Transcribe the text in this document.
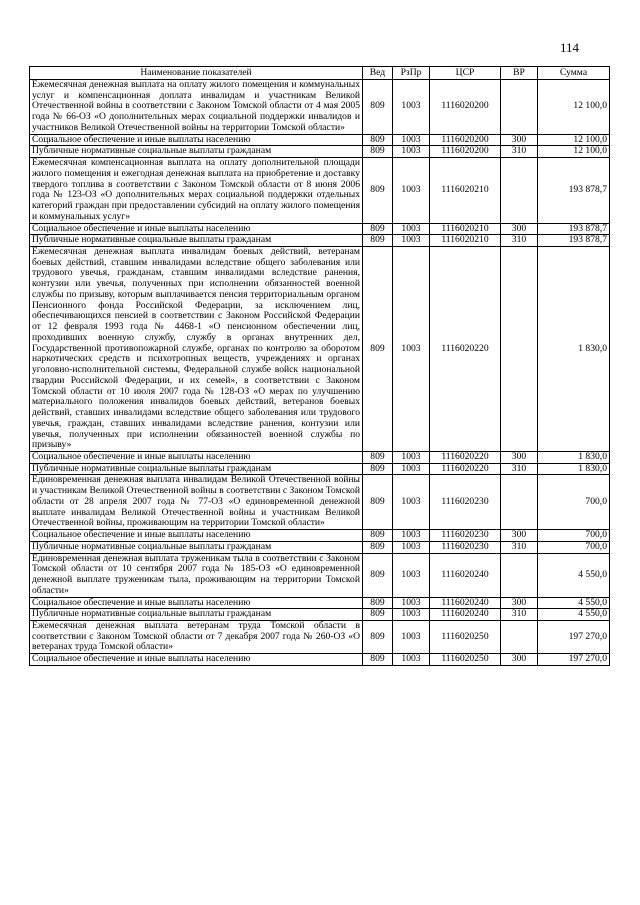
114
Наименование показателей	Вед	РзПр	ЦСР	ВР	Сумма
Ежемесячная денежная выплата на оплату жилого помещения и коммунальных услуг и компенсационная доплата инвалидам и участникам Великой Отечественной войны в соответствии с Законом Томской области от 4 мая 2005 года № 66-ОЗ «О дополнительных мерах социальной поддержки инвалидов и участников Великой Отечественной войны на территории Томской области»	809	1003	1116020200		12 100,0
Социальное обеспечение и иные выплаты населению	809	1003	1116020200	300	12 100,0
Публичные нормативные социальные выплаты гражданам	809	1003	1116020200	310	12 100,0
Ежемесячная компенсационная выплата на оплату дополнительной площади жилого помещения и ежегодная денежная выплата на приобретение и доставку твердого топлива в соответствии с Законом Томской области от 8 июня 2006 года № 123-ОЗ «О дополнительных мерах социальной поддержки отдельных категорий граждан при предоставлении субсидий на оплату жилого помещения и коммунальных услуг»	809	1003	1116020210		193 878,7
Социальное обеспечение и иные выплаты населению	809	1003	1116020210	300	193 878,7
Публичные нормативные социальные выплаты гражданам	809	1003	1116020210	310	193 878,7
Ежемесячная денежная выплата инвалидам боевых действий, ветеранам боевых действий, ставшим инвалидами вследствие общего заболевания или трудового увечья, гражданам, ставшим инвалидами вследствие ранения, контузии или увечья, полученных при исполнении обязанностей военной службы по призыву, которым выплачивается пенсия территориальным органом Пенсионного фонда Российской Федерации, за исключением лиц, обеспечивающихся пенсией в соответствии с Законом Российской Федерации от 12 февраля 1993 года № 4468-1 «О пенсионном обеспечении лиц, проходивших военную службу, службу в органах внутренних дел, Государственной противопожарной службе, органах по контролю за оборотом наркотических средств и психотропных веществ, учреждениях и органах уголовно-исполнительной системы, Федеральной службе войск национальной гвардии Российской Федерации, и их семей», в соответствии с Законом Томской области от 10 июля 2007 года № 128-ОЗ «О мерах по улучшению материального положения инвалидов боевых действий, ветеранов боевых действий, ставших инвалидами вследствие общего заболевания или трудового увечья, граждан, ставших инвалидами вследствие ранения, контузии или увечья, полученных при исполнении обязанностей военной службы по призыву»	809	1003	1116020220		1 830,0
Социальное обеспечение и иные выплаты населению	809	1003	1116020220	300	1 830,0
Публичные нормативные социальные выплаты гражданам	809	1003	1116020220	310	1 830,0
Единовременная денежная выплата инвалидам Великой Отечественной войны и участникам Великой Отечественной войны в соответствии с Законом Томской области от 28 апреля 2007 года № 77-ОЗ «О единовременной денежной выплате инвалидам Великой Отечественной войны и участникам Великой Отечественной войны, проживающим на территории Томской области»	809	1003	1116020230		700,0
Социальное обеспечение и иные выплаты населению	809	1003	1116020230	300	700,0
Публичные нормативные социальные выплаты гражданам	809	1003	1116020230	310	700,0
Единовременная денежная выплата труженикам тыла в соответствии с Законом Томской области от 10 сентября 2007 года № 185-ОЗ «О единовременной денежной выплате труженикам тыла, проживающим на территории Томской области»	809	1003	1116020240		4 550,0
Социальное обеспечение и иные выплаты населению	809	1003	1116020240	300	4 550,0
Публичные нормативные социальные выплаты гражданам	809	1003	1116020240	310	4 550,0
Ежемесячная денежная выплата ветеранам труда Томской области в соответствии с Законом Томской области от 7 декабря 2007 года № 260-ОЗ «О ветеранах труда Томской области»	809	1003	1116020250		197 270,0
Социальное обеспечение и иные выплаты населению	809	1003	1116020250	300	197 270,0
